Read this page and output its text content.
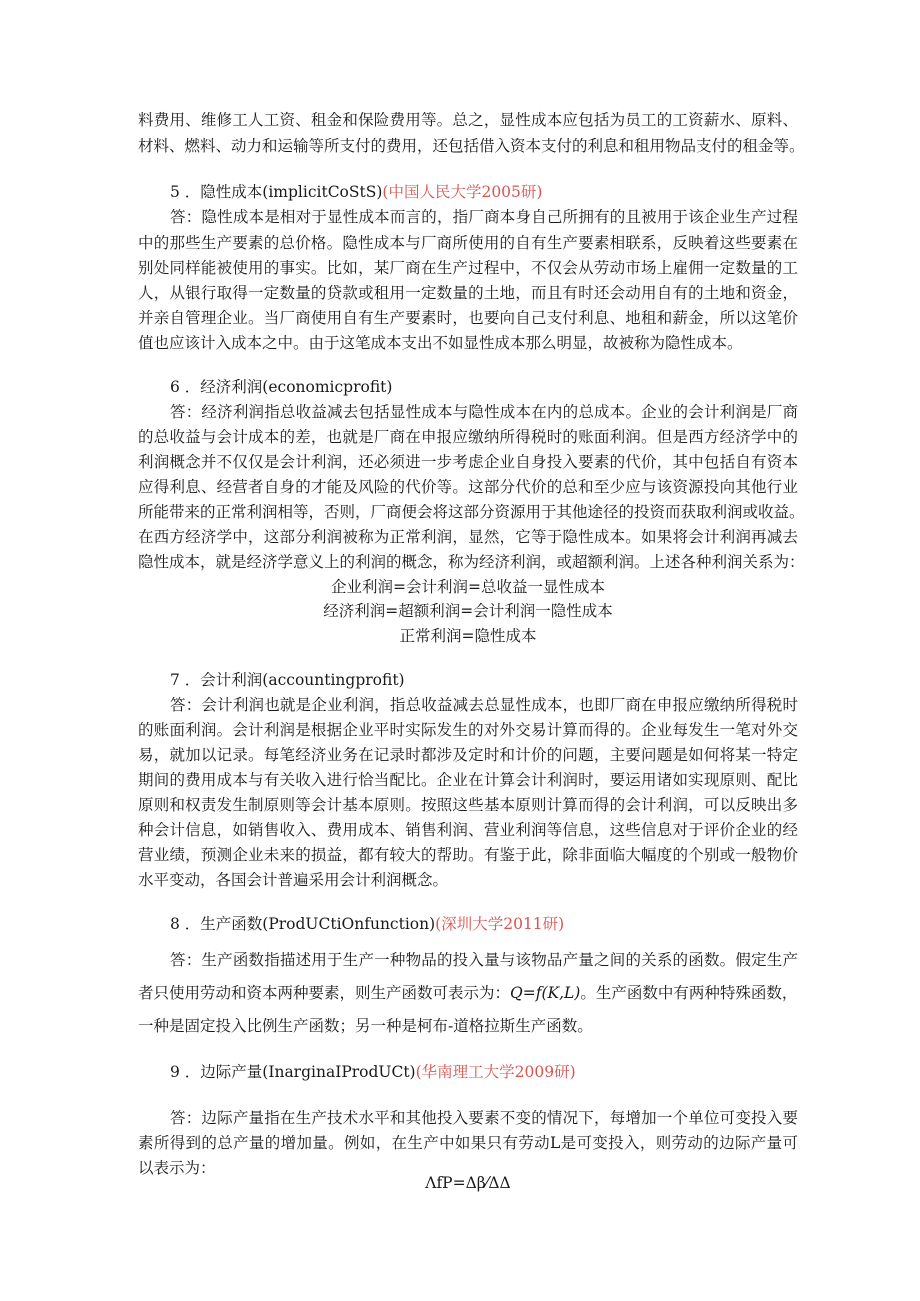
料费用、维修工人工资、租金和保险费用等。总之，显性成本应包括为员工的工资薪水、原料、
材料、燃料、动力和运输等所支付的费用，还包括借入资本支付的利息和租用物品支付的租金等。
5 ．隐性成本(implicitCoStS)(中国人民大学2005研)
答：隐性成本是相对于显性成本而言的，指厂商本身自己所拥有的且被用于该企业生产过程
中的那些生产要素的总价格。隐性成本与厂商所使用的自有生产要素相联系，反映着这些要素在
别处同样能被使用的事实。比如，某厂商在生产过程中，不仅会从劳动市场上雇佣一定数量的工
人，从银行取得一定数量的贷款或租用一定数量的土地，而且有时还会动用自有的土地和资金，
并亲自管理企业。当厂商使用自有生产要素时，也要向自己支付利息、地租和薪金，所以这笔价
值也应该计入成本之中。由于这笔成本支出不如显性成本那么明显，故被称为隐性成本。
6 ．经济利润(economicprofit)
答：经济利润指总收益减去包括显性成本与隐性成本在内的总成本。企业的会计利润是厂商
的总收益与会计成本的差，也就是厂商在申报应缴纳所得税时的账面利润。但是西方经济学中的
利润概念并不仅仅是会计利润，还必须进一步考虑企业自身投入要素的代价，其中包括自有资本
应得利息、经营者自身的才能及风险的代价等。这部分代价的总和至少应与该资源投向其他行业
所能带来的正常利润相等，否则，厂商便会将这部分资源用于其他途径的投资而获取利润或收益。
在西方经济学中，这部分利润被称为正常利润，显然，它等于隐性成本。如果将会计利润再减去
隐性成本，就是经济学意义上的利润的概念，称为经济利润，或超额利润。上述各种利润关系为：
企业利润=会计利润=总收益一显性成本
经济利润=超额利润=会计利润一隐性成本
正常利润=隐性成本
7 ．会计利润(accountingprofit)
答：会计利润也就是企业利润，指总收益减去总显性成本，也即厂商在申报应缴纳所得税时
的账面利润。会计利润是根据企业平时实际发生的对外交易计算而得的。企业每发生一笔对外交
易，就加以记录。每笔经济业务在记录时都涉及定时和计价的问题，主要问题是如何将某一特定
期间的费用成本与有关收入进行恰当配比。企业在计算会计利润时，要运用诸如实现原则、配比
原则和权责发生制原则等会计基本原则。按照这些基本原则计算而得的会计利润，可以反映出多
种会计信息，如销售收入、费用成本、销售利润、营业利润等信息，这些信息对于评价企业的经
营业绩，预测企业未来的损益，都有较大的帮助。有鉴于此，除非面临大幅度的个别或一般物价
水平变动，各国会计普遍采用会计利润概念。
8 ．生产函数(ProdUCtiOnfunction)(深圳大学2011研)
答：生产函数指描述用于生产一种物品的投入量与该物品产量之间的关系的函数。假定生产
者只使用劳动和资本两种要素，则生产函数可表示为：Q=f(K,L)。生产函数中有两种特殊函数，
一种是固定投入比例生产函数；另一种是柯布-道格拉斯生产函数。
9 ．边际产量(InarginaIProdUCt)(华南理工大学2009研)
答：边际产量指在生产技术水平和其他投入要素不变的情况下，每增加一个单位可变投入要
素所得到的总产量的增加量。例如，在生产中如果只有劳动L是可变投入，则劳动的边际产量可
以表示为：
ΛfP=Δβ⁄ΔΔ
